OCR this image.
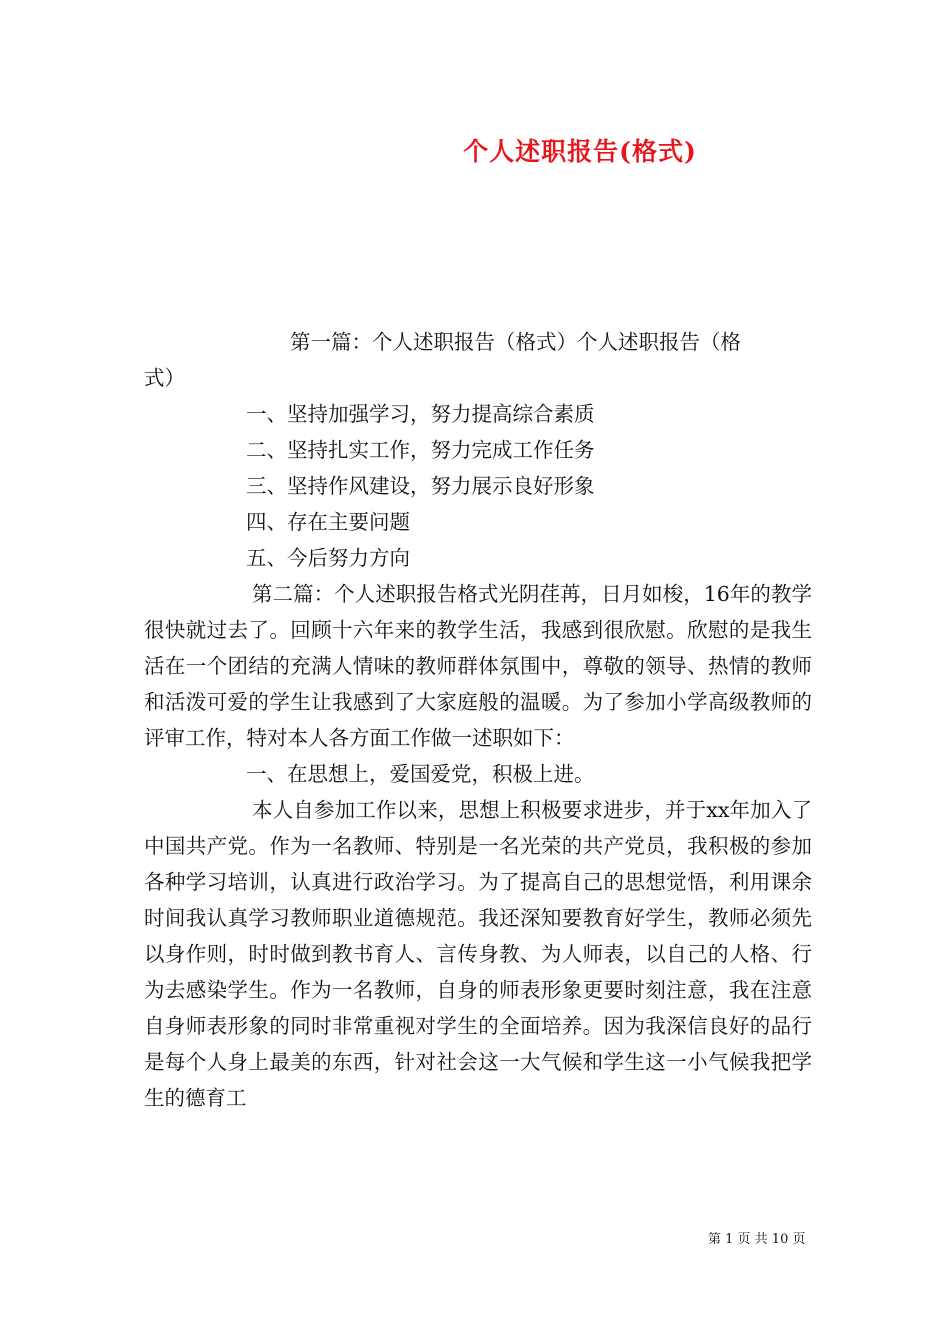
个人述职报告(格式)

第一篇：个人述职报告（格式）个人述职报告（格

式）

一、坚持加强学习，努力提高综合素质

二、坚持扎实工作，努力完成工作任务

三、坚持作风建设，努力展示良好形象

四、存在主要问题

五、今后努力方向

第二篇：个人述职报告格式光阴荏苒，日月如梭，16年的教学很快就过去了。回顾十六年来的教学生活，我感到很欣慰。欣慰的是我生活在一个团结的充满人情味的教师群体氛围中，尊敬的领导、热情的教师和活泼可爱的学生让我感到了大家庭般的温暖。为了参加小学高级教师的评审工作，特对本人各方面工作做一述职如下：

一、在思想上，爱国爱党，积极上进。

本人自参加工作以来，思想上积极要求进步，并于xx年加入了中国共产党。作为一名教师、特别是一名光荣的共产党员，我积极的参加各种学习培训，认真进行政治学习。为了提高自己的思想觉悟，利用课余时间我认真学习教师职业道德规范。我还深知要教育好学生，教师必须先以身作则，时时做到教书育人、言传身教、为人师表，以自己的人格、行为去感染学生。作为一名教师，自身的师表形象更要时刻注意，我在注意自身师表形象的同时非常重视对学生的全面培养。因为我深信良好的品行是每个人身上最美的东西，针对社会这一大气候和学生这一小气候我把学生的德育工

第 1 页 共 10 页
